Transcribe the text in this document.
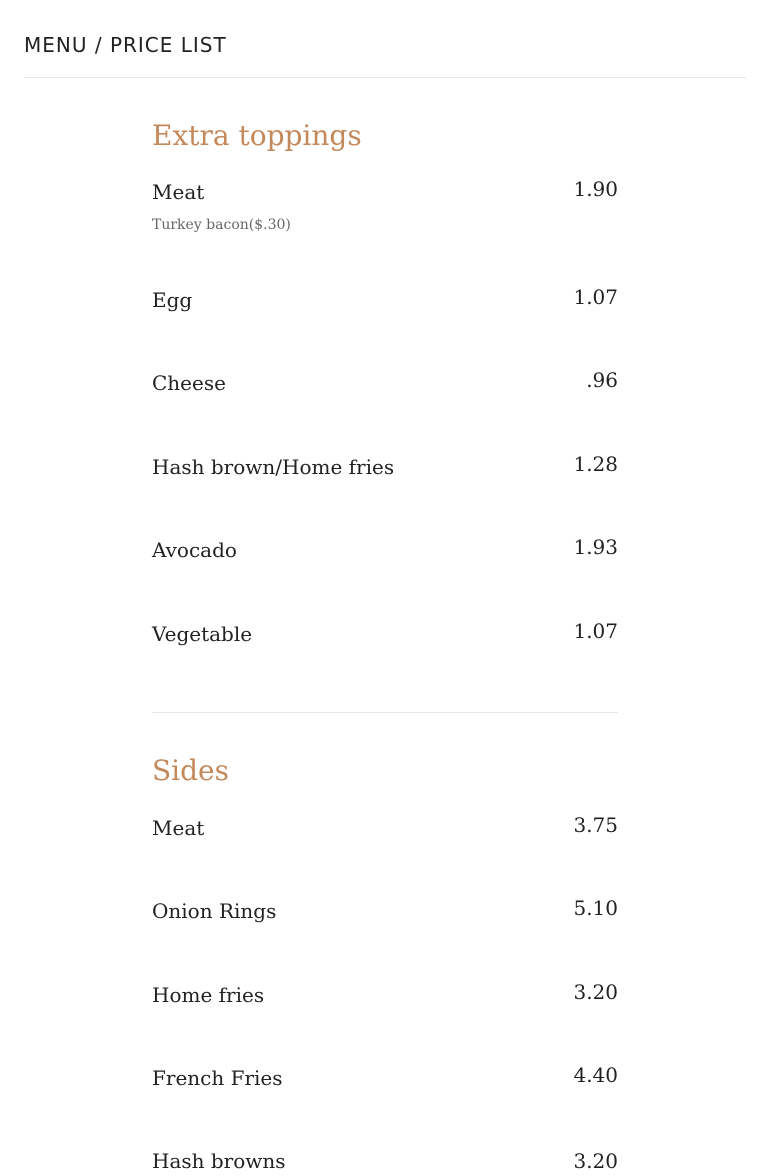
MENU / PRICE LIST
Extra toppings
Meat	1.90
Turkey bacon($.30)
Egg	1.07
Cheese	.96
Hash brown/Home fries	1.28
Avocado	1.93
Vegetable	1.07
Sides
Meat	3.75
Onion Rings	5.10
Home fries	3.20
French Fries	4.40
Hash browns	3.20
